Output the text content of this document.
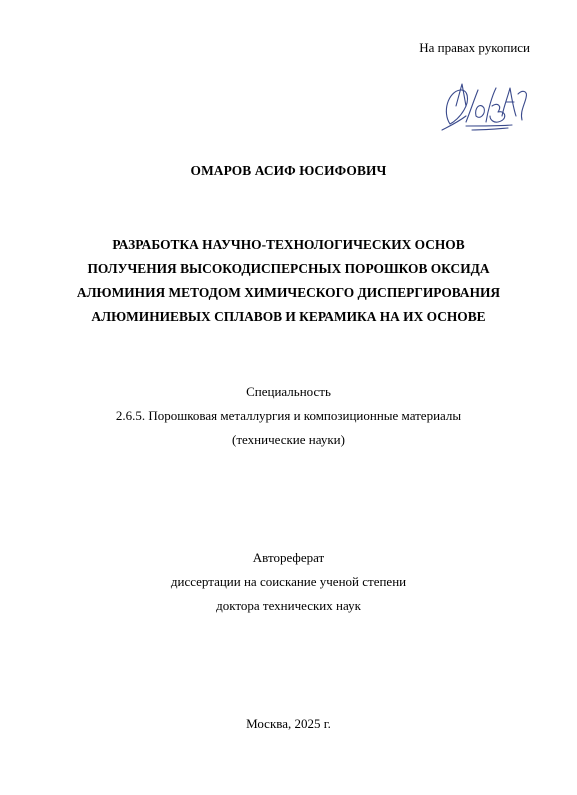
На правах рукописи
ОМАРОВ АСИФ ЮСИФОВИЧ
РАЗРАБОТКА НАУЧНО-ТЕХНОЛОГИЧЕСКИХ ОСНОВ
ПОЛУЧЕНИЯ ВЫСОКОДИСПЕРСНЫХ ПОРОШКОВ ОКСИДА
АЛЮМИНИЯ МЕТОДОМ ХИМИЧЕСКОГО ДИСПЕРГИРОВАНИЯ
АЛЮМИНИЕВЫХ СПЛАВОВ И КЕРАМИКА НА ИХ ОСНОВЕ
Специальность
2.6.5. Порошковая металлургия и композиционные материалы
(технические науки)
Автореферат
диссертации на соискание ученой степени
доктора технических наук
Москва, 2025 г.
